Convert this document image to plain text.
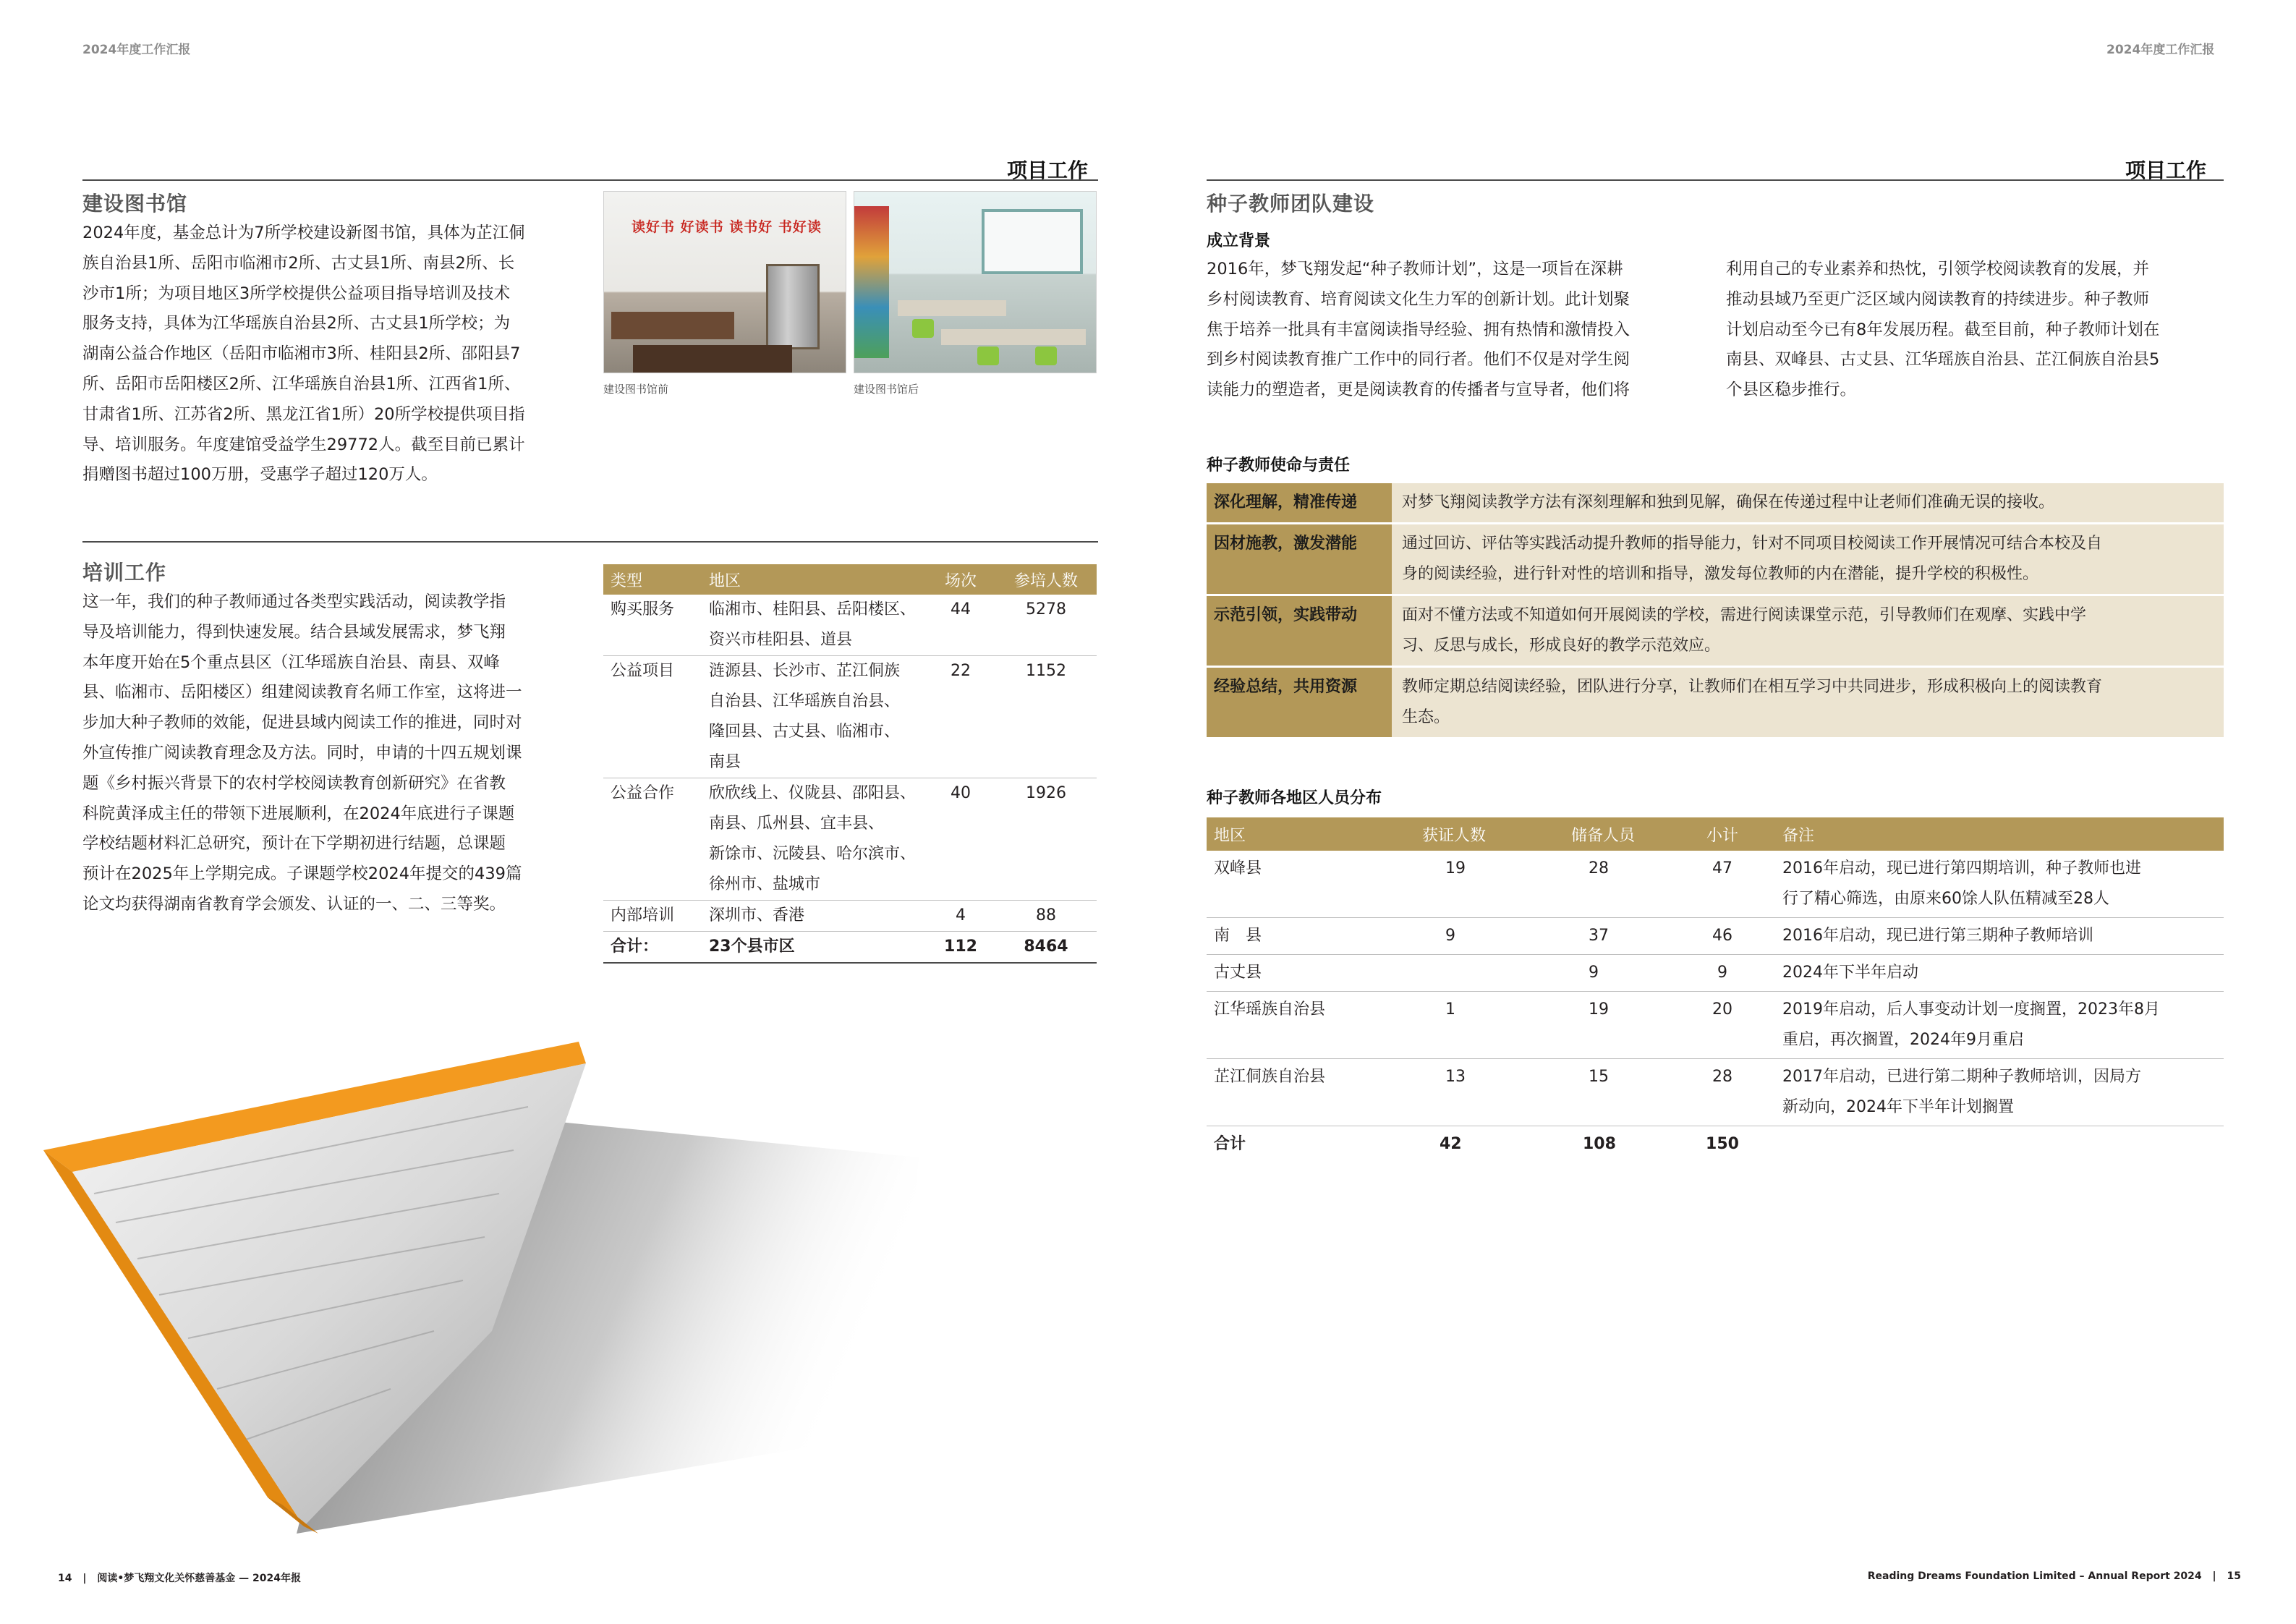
2024年度工作汇报	2024年度工作汇报
项目工作
建设图书馆
2024年度，基金总计为7所学校建设新图书馆，具体为芷江侗
族自治县1所、岳阳市临湘市2所、古丈县1所、南县2所、长
沙市1所；为项目地区3所学校提供公益项目指导培训及技术
服务支持，具体为江华瑶族自治县2所、古丈县1所学校；为
湖南公益合作地区（岳阳市临湘市3所、桂阳县2所、邵阳县7
所、岳阳市岳阳楼区2所、江华瑶族自治县1所、江西省1所、
甘肃省1所、江苏省2所、黑龙江省1所）20所学校提供项目指
导、培训服务。年度建馆受益学生29772人。截至目前已累计
捐赠图书超过100万册，受惠学子超过120万人。
读好书 好读书 读书好 书好读
建设图书馆前	建设图书馆后
培训工作
这一年，我们的种子教师通过各类型实践活动，阅读教学指
导及培训能力，得到快速发展。结合县域发展需求，梦飞翔
本年度开始在5个重点县区（江华瑶族自治县、南县、双峰
县、临湘市、岳阳楼区）组建阅读教育名师工作室，这将进一
步加大种子教师的效能，促进县域内阅读工作的推进，同时对
外宣传推广阅读教育理念及方法。同时，申请的十四五规划课
题《乡村振兴背景下的农村学校阅读教育创新研究》在省教
科院黄泽成主任的带领下进展顺利，在2024年底进行子课题
学校结题材料汇总研究，预计在下学期初进行结题，总课题
预计在2025年上学期完成。子课题学校2024年提交的439篇
论文均获得湖南省教育学会颁发、认证的一、二、三等奖。
类型	地区	场次	参培人数
购买服务	临湘市、桂阳县、岳阳楼区、
资兴市桂阳县、道县	44	5278
公益项目	涟源县、长沙市、芷江侗族
自治县、江华瑶族自治县、
隆回县、古丈县、临湘市、
南县	22	1152
公益合作	欣欣线上、仪陇县、邵阳县、
南县、瓜州县、宜丰县、
新馀市、沅陵县、哈尔滨市、
徐州市、盐城市	40	1926
内部培训	深圳市、香港	4	88
合计：	23个县市区	112	8464
项目工作
种子教师团队建设
成立背景
2016年，梦飞翔发起“种子教师计划”，这是一项旨在深耕
乡村阅读教育、培育阅读文化生力军的创新计划。此计划聚
焦于培养一批具有丰富阅读指导经验、拥有热情和激情投入
到乡村阅读教育推广工作中的同行者。他们不仅是对学生阅
读能力的塑造者，更是阅读教育的传播者与宣导者，他们将
利用自己的专业素养和热忱，引领学校阅读教育的发展，并
推动县域乃至更广泛区域内阅读教育的持续进步。种子教师
计划启动至今已有8年发展历程。截至目前，种子教师计划在
南县、双峰县、古丈县、江华瑶族自治县、芷江侗族自治县5
个县区稳步推行。
种子教师使命与责任
深化理解，精准传递	对梦飞翔阅读教学方法有深刻理解和独到见解，确保在传递过程中让老师们准确无误的接收。

因材施教，激发潜能	通过回访、评估等实践活动提升教师的指导能力，针对不同项目校阅读工作开展情况可结合本校及自
身的阅读经验，进行针对性的培训和指导，激发每位教师的内在潜能，提升学校的积极性。

示范引领，实践带动	面对不懂方法或不知道如何开展阅读的学校，需进行阅读课堂示范，引导教师们在观摩、实践中学
习、反思与成长，形成良好的教学示范效应。

经验总结，共用资源	教师定期总结阅读经验，团队进行分享，让教师们在相互学习中共同进步，形成积极向上的阅读教育
生态。
种子教师各地区人员分布
地区	获证人数	储备人员	小计	备注
双峰县	19	28	47	2016年启动，现已进行第四期培训，种子教师也进
行了精心筛选，由原来60馀人队伍精减至28人

南　县	9	37	46	2016年启动，现已进行第三期种子教师培训

古丈县		9	9	2024年下半年启动

江华瑶族自治县	1	19	20	2019年启动，后人事变动计划一度搁置，2023年8月
重启，再次搁置，2024年9月重启

芷江侗族自治县	13	15	28	2017年启动，已进行第二期种子教师培训，因局方
新动向，2024年下半年计划搁置

合计	42	108	150	
14 | 阅读•梦飞翔文化关怀慈善基金 — 2024年报	Reading Dreams Foundation Limited – Annual Report 2024 | 15
